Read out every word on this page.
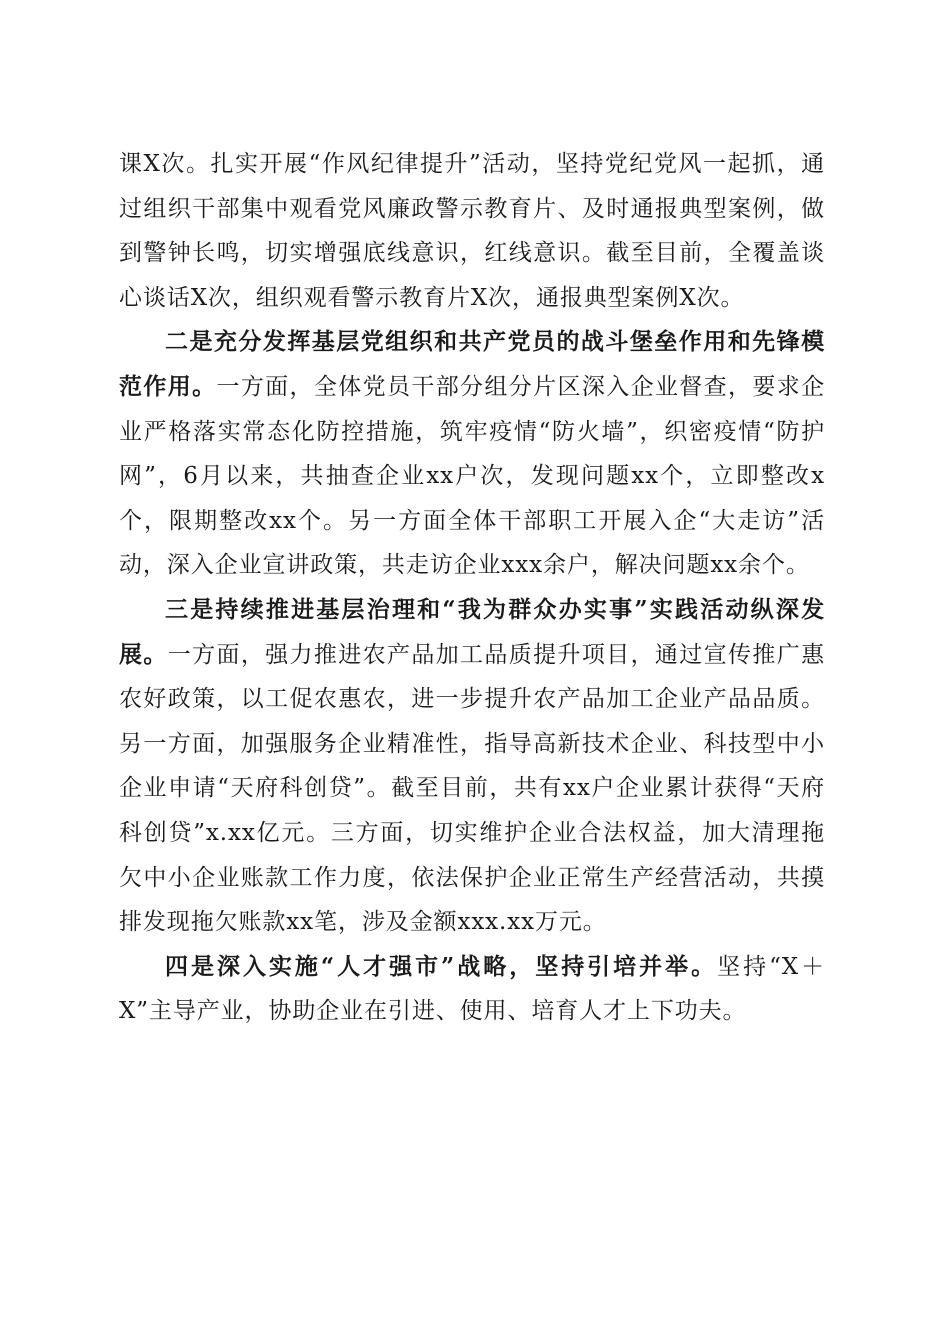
课X次。扎实开展“作风纪律提升”活动，坚持党纪党风一起抓，通过组织干部集中观看党风廉政警示教育片、及时通报典型案例，做到警钟长鸣，切实增强底线意识，红线意识。截至目前，全覆盖谈心谈话X次，组织观看警示教育片X次，通报典型案例X次。

二是充分发挥基层党组织和共产党员的战斗堡垒作用和先锋模范作用。一方面，全体党员干部分组分片区深入企业督查，要求企业严格落实常态化防控措施，筑牢疫情“防火墙”，织密疫情“防护网”，6月以来，共抽查企业xx户次，发现问题xx个，立即整改x个，限期整改xx个。另一方面全体干部职工开展入企“大走访”活动，深入企业宣讲政策，共走访企业xxx余户，解决问题xx余个。

三是持续推进基层治理和“我为群众办实事”实践活动纵深发展。一方面，强力推进农产品加工品质提升项目，通过宣传推广惠农好政策，以工促农惠农，进一步提升农产品加工企业产品品质。另一方面，加强服务企业精准性，指导高新技术企业、科技型中小企业申请“天府科创贷”。截至目前，共有xx户企业累计获得“天府科创贷”x.xx亿元。三方面，切实维护企业合法权益，加大清理拖欠中小企业账款工作力度，依法保护企业正常生产经营活动，共摸排发现拖欠账款xx笔，涉及金额xxx.xx万元。

四是深入实施“人才强市”战略，坚持引培并举。坚持“X＋X”主导产业，协助企业在引进、使用、培育人才上下功夫。
